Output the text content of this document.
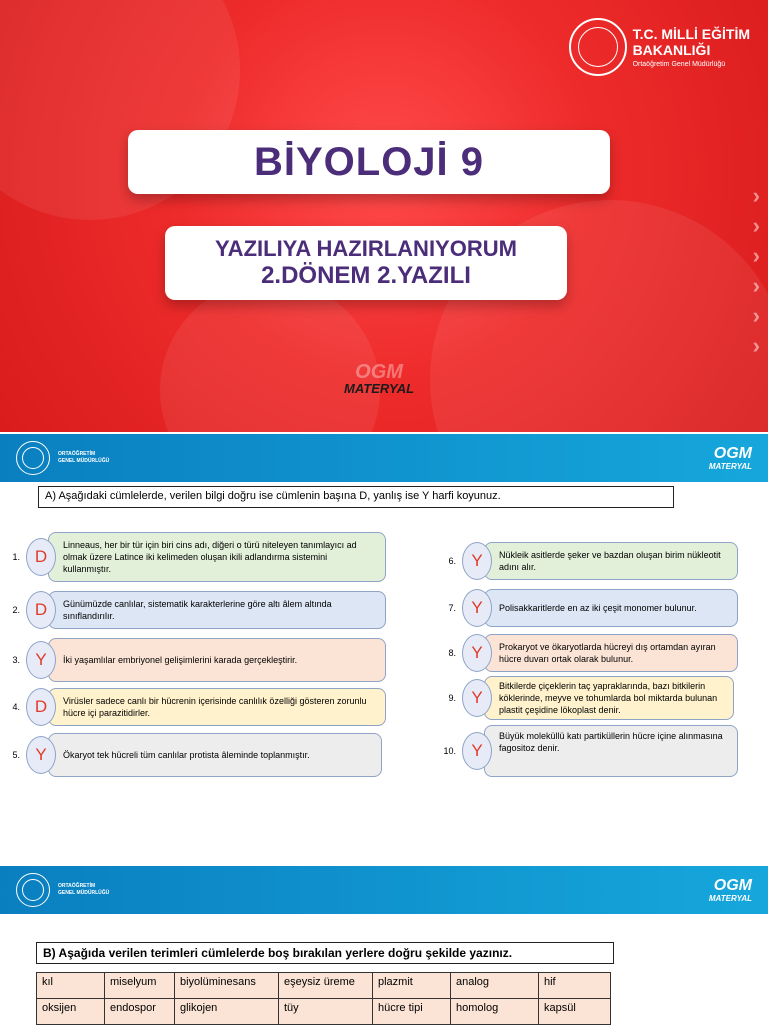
›
›
›
›
›
›
T.C. MİLLİ EĞİTİM
BAKANLIĞI
Ortaöğretim Genel Müdürlüğü
BİYOLOJİ 9
YAZILIYA HAZIRLANIYORUM
2.DÖNEM 2.YAZILI
OGM
MATERYAL
ORTAÖĞRETİM
GENEL MÜDÜRLÜĞÜ	OGM
MATERYAL
A) Aşağıdaki cümlelerde, verilen bilgi doğru ise cümlenin başına D, yanlış ise Y harfi koyunuz.
1. D
Linneaus, her bir tür için biri cins adı, diğeri o türü niteleyen tanımlayıcı ad olmak üzere Latince iki kelimeden oluşan ikili adlandırma sistemini kullanmıştır.
2. D	Günümüzde canlılar, sistematik karakterlerine göre altı âlem altında sınıflandırılır.
3. Y	İki yaşamlılar embriyonel gelişimlerini karada gerçekleştirir.
4. D	Virüsler sadece canlı bir hücrenin içerisinde canlılık özelliği gösteren zorunlu hücre içi parazitidirler.
5. Y	Ökaryot tek hücreli tüm canlılar protista âleminde toplanmıştır.
6. Y	Nükleik asitlerde şeker ve bazdan oluşan birim nükleotit adını alır.
7. Y	Polisakkaritlerde en az iki çeşit monomer bulunur.
8. Y	Prokaryot ve ökaryotlarda hücreyi dış ortamdan ayıran hücre duvarı ortak olarak bulunur.
9. Y
Bitkilerde çiçeklerin taç yapraklarında, bazı bitkilerin köklerinde, meyve ve tohumlarda bol miktarda bulunan plastit çeşidine lökoplast denir.
10. Y
Büyük moleküllü katı partiküllerin hücre içine alınmasına fagositoz denir.
ORTAÖĞRETİM
GENEL MÜDÜRLÜĞÜ	OGM
MATERYAL
B) Aşağıda verilen terimleri cümlelerde boş bırakılan yerlere doğru şekilde yazınız.
kıl	miselyum	biyolüminesans	eşeysiz üreme	plazmit	analog	hif
oksijen	endospor	glikojen	tüy	hücre tipi	homolog	kapsül
